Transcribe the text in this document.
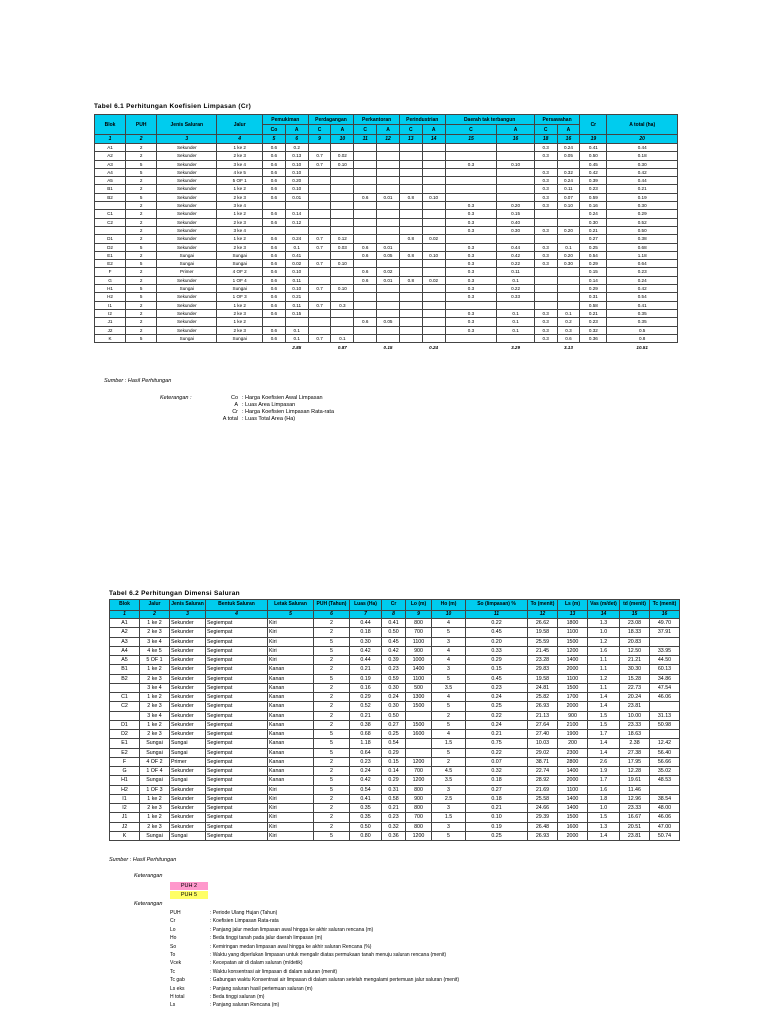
Tabel 6.1 Perhitungan Koefisien Limpasan (Cr)
Blok	PUH	Jenis Saluran	Jalur	Pemukiman		Perdagangan		Perkantoran		Perindustrian		Daerah tak terbangun		Persawahan		Cr	A total (ha)
				Co	A	C	A	C	A	C	A	C	A	C	A		
1	2	3	4	5	6	9	10	11	12	13	14	15	16	18	16	19	20
A1	2	Sekunder	1 ke 2	0.6	0.2									0.3	0.24	0.41	0.44
A2	2	Sekunder	2 ke 3	0.6	0.13	0.7	0.02							0.3	0.05	0.50	0.18
A3	5	Sekunder	3 ke 4	0.6	0.10	0.7	0.10					0.3	0.10			0.45	0.30
A4	5	Sekunder	4 ke 5	0.6	0.10									0.3	0.32	0.42	0.42
A5	2	Sekunder	5 OF 1	0.6	0.20									0.3	0.24	0.39	0.44
B1	2	Sekunder	1 ke 2	0.6	0.10									0.3	0.11	0.23	0.21
B2	5	Sekunder	2 ke 3	0.6	0.01			0.6	0.01	0.8	0.10			0.3	0.07	0.59	0.19
	2	Sekunder	3 ke 4									0.3	0.20	0.3	0.10	0.16	0.30
C1	2	Sekunder	1 ke 2	0.6	0.14							0.3	0.15			0.24	0.29
C2	2	Sekunder	2 ke 3	0.6	0.12							0.3	0.40			0.30	0.52
	2	Sekunder	3 ke 4									0.3	0.30	0.3	0.20	0.21	0.50
D1	2	Sekunder	1 ke 2	0.6	0.24	0.7	0.12			0.8	0.02					0.27	0.38
D2	5	Sekunder	2 ke 3	0.6	0.1	0.7	0.03	0.6	0.01			0.3	0.44	0.3	0.1	0.25	0.68
E1	2	Sungai	Sungai	0.6	0.41			0.6	0.05	0.8	0.10	0.3	0.42	0.3	0.20	0.54	1.18
E2	5	Sungai	Sungai	0.6	0.02	0.7	0.10					0.3	0.22	0.3	0.30	0.29	0.64
F	2	Primer	4 OF 2	0.6	0.10			0.6	0.02			0.3	0.11			0.15	0.23
G	2	Sekunder	1 OF 4	0.6	0.11			0.6	0.01	0.8	0.02	0.3	0.1			0.14	0.24
H1	5	Sungai	Sungai	0.6	0.10	0.7	0.10					0.3	0.22			0.29	0.42
H2	5	Sekunder	1 OF 3	0.6	0.21							0.3	0.33			0.31	0.54
I1	2	Sekunder	1 ke 2	0.6	0.11	0.7	0.3									0.58	0.41
I2	2	Sekunder	2 ke 3	0.6	0.15							0.3	0.1	0.3	0.1	0.21	0.35
J1	2	Sekunder	1 ke 2					0.6	0.05			0.3	0.1	0.3	0.2	0.23	0.35
J2	2	Sekunder	2 ke 3	0.6	0.1							0.3	0.1	0.3	0.3	0.32	0.5
K	5	Sungai	Sungai	0.6	0.1	0.7	0.1							0.3	0.6	0.36	0.8
					2.85		0.87		0.15		0.24		3.29		3.13		10.51
Sumber : Hasil Perhitungan
Keterangan :	Co : Harga Koefisien Awal Limpasan
A : Luas Area Limpasan
Cr : Harga Koefisien Limpasan Rata-rata
A total : Luas Total Area (Ha)
Tabel 6.2 Perhitungan Dimensi Saluran
Blok	Jalur	Jenis Saluran	Bentuk Saluran	Letak Saluran	PUH (Tahun)	Luas (Ha)	Cr	Lo (m)	Ho (m)	So (limpasan) %	To (menit)	Ls (m)	Vas (m/det)	td (menit)	Tc (menit)
1	2	3	4	5	6	7	8	9	10	11	12	13	14	15	16
A1	1 ke 2	Sekunder	Segiempat	Kiri	2	0.44	0.41	800	4	0.22	26.62	1800	1.3	23.08	49.70
A2	2 ke 3	Sekunder	Segiempat	Kiri	2	0.18	0.50	700	5	0.45	19.58	1100	1.0	18.33	37.91
A3	3 ke 4	Sekunder	Segiempat	Kiri	5	0.30	0.45	1100	3	0.20	25.59	1500	1.2	20.83	
A4	4 ke 5	Sekunder	Segiempat	Kiri	5	0.42	0.42	900	4	0.33	21.45	1200	1.6	12.50	33.95
A5	5 OF 1	Sekunder	Segiempat	Kiri	2	0.44	0.39	1000	4	0.29	23.28	1400	1.1	21.21	44.50
B1	1 ke 2	Sekunder	Segiempat	Kanan	2	0.21	0.23	1400	3	0.15	29.83	2000	1.1	30.30	60.13
B2	2 ke 3	Sekunder	Segiempat	Kanan	5	0.19	0.59	1100	5	0.45	19.58	1100	1.2	15.28	34.86
	3 ke 4	Sekunder	Segiempat	Kanan	2	0.16	0.30	500	3.5	0.23	24.81	1500	1.1	22.73	47.54
C1	1 ke 2	Sekunder	Segiempat	Kanan	2	0.29	0.24	1300	4	0.24	25.82	1700	1.4	20.24	46.06
C2	2 ke 3	Sekunder	Segiempat	Kanan	2	0.52	0.30	1500	5	0.25	26.93	2000	1.4	23.81	
	3 ke 4	Sekunder	Segiempat	Kanan	2	0.21	0.50		2	0.22	21.13	900	1.5	10.00	31.13
D1	1 ke 2	Sekunder	Segiempat	Kanan	2	0.38	0.27	1500	5	0.24	27.64	2100	1.5	23.33	50.98
D2	2 ke 3	Sekunder	Segiempat	Kanan	5	0.68	0.25	1600	4	0.21	27.40	1900	1.7	18.63	
E1	Sungai	Sungai	Segiempat	Kanan	5	1.18	0.54		1.5	0.75	10.03	200	1.4	2.38	12.42
E2	Sungai	Sungai	Segiempat	Kanan	5	0.64	0.29		5	0.22	29.02	2300	1.4	27.38	56.40
F	4 OF 2	Primer	Segiempat	Kanan	2	0.23	0.15	1200	2	0.07	38.71	2800	2.6	17.95	56.66
G	1 OF 4	Sekunder	Segiempat	Kanan	2	0.24	0.14	700	4.5	0.32	22.74	1400	1.9	12.28	35.02
H1	Sungai	Sungai	Segiempat	Kanan	5	0.42	0.29	1200	3.5	0.18	28.92	2000	1.7	19.61	48.53
H2	1 OF 3	Sekunder	Segiempat	Kiri	5	0.54	0.31	800	3	0.27	21.69	1100	1.6	11.46	
I1	1 ke 2	Sekunder	Segiempat	Kiri	2	0.41	0.58	900	2.5	0.18	25.58	1400	1.8	12.96	38.54
I2	2 ke 3	Sekunder	Segiempat	Kiri	2	0.35	0.21	800	3	0.21	24.66	1400	1.0	23.33	48.00
J1	1 ke 2	Sekunder	Segiempat	Kiri	2	0.35	0.23	700	1.5	0.10	29.39	1500	1.5	16.67	46.06
J2	2 ke 3	Sekunder	Segiempat	Kiri	2	0.50	0.32	800	3	0.19	26.48	1600	1.3	20.51	47.00
K	Sungai	Sungai	Segiempat	Kiri	5	0.80	0.36	1200	5	0.25	26.93	2000	1.4	23.81	50.74
Sumber : Hasil Perhitungan
Keterangan
PUH 2
PUH 5
Keterangan
PUH	: Periode Ulang Hujan (Tahun)
Cr	: Koefisien Limpasan Rata-rata
Lo	: Panjang jalur medan limpasan awal hingga ke akhir saluran rencana (m)
Ho	: Beda tinggi tanah pada jalur daerah limpasan (m)
So	: Kemiringan medan limpasan awal hingga ke akhir saluran Rencana (%)
To	: Waktu yang diperlukan limpasan untuk mengalir diatas permukaan tanah menuju saluran rencana (menit)
Vcek	: Kecepatan air di dalam saluran (m/detik)
Tc	: Waktu konsentrasi air limpasan di dalam saluran (menit)
Tc gab	: Gabungan waktu Konsentrasi air limpasan di dalam saluran setelah mengalami pertemuan jalur saluran (menit)
Ls eks	: Panjang saluran hasil pertemuan saluran (m)
H total	: Beda tinggi saluran (m)
Ls	: Panjang saluran Rencana (m)
